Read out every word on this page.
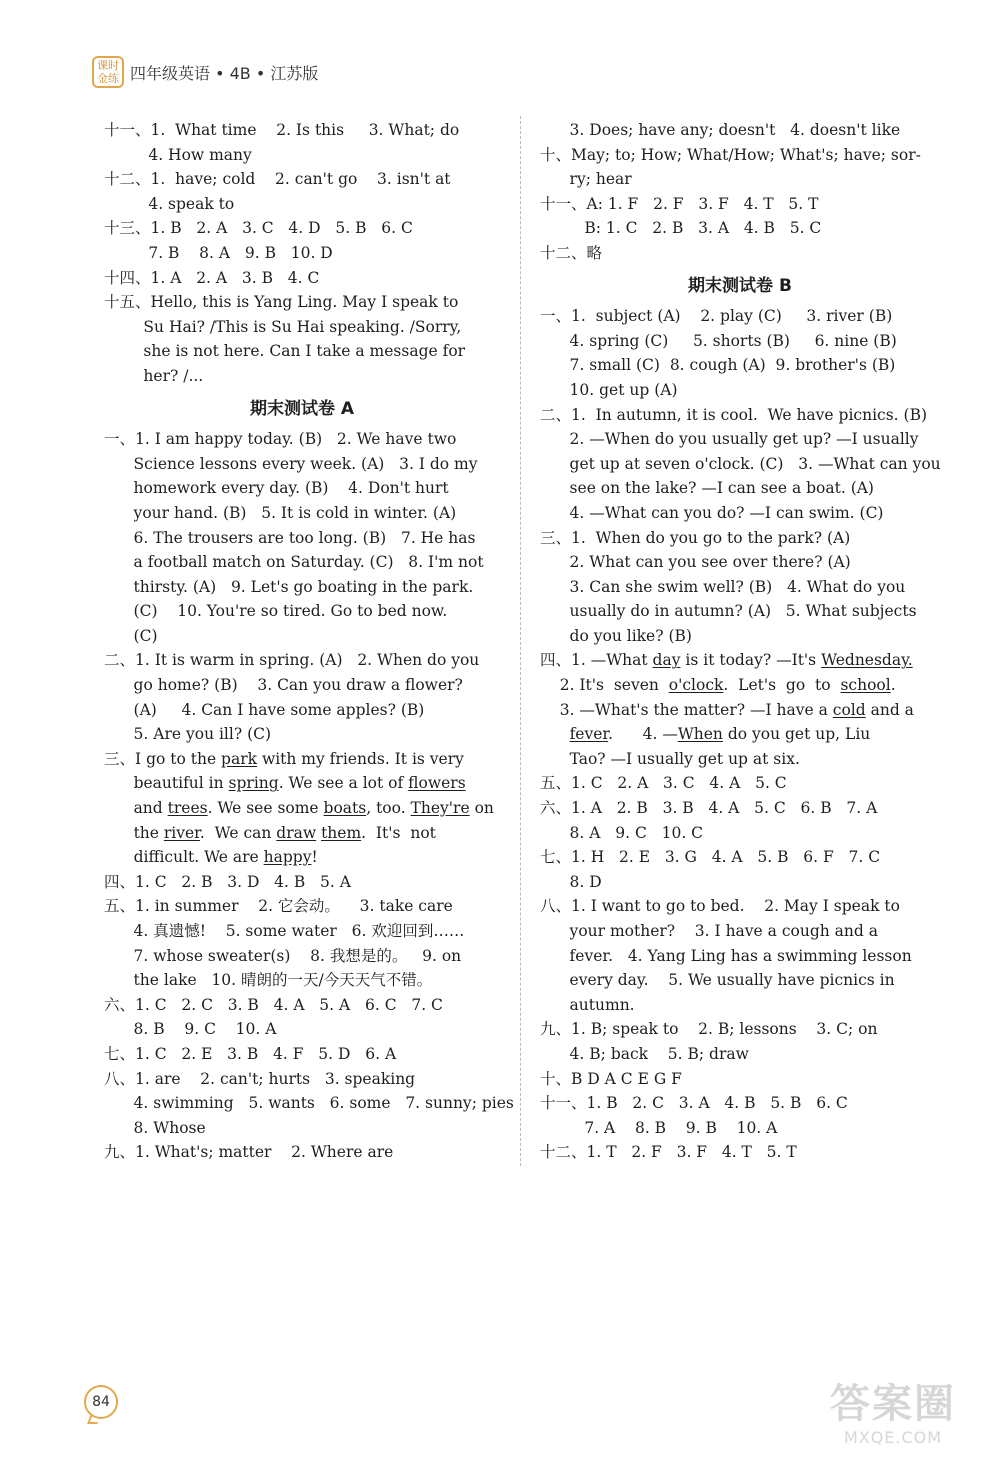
课时
金练 四年级英语 • 4B • 江苏版
十一、1.  What time    2. Is this     3. What; do
4. How many
十二、1.  have; cold    2. can't go    3. isn't at
4. speak to
十三、1. B   2. A   3. C   4. D   5. B   6. C
7. B    8. A   9. B   10. D
十四、1. A   2. A   3. B   4. C
十五、Hello, this is Yang Ling. May I speak to
Su Hai? /This is Su Hai speaking. /Sorry,
she is not here. Can I take a message for
her? /...
期末测试卷 A
一、1. I am happy today. (B)   2. We have two
Science lessons every week. (A)   3. I do my
homework every day. (B)    4. Don't hurt
your hand. (B)   5. It is cold in winter. (A)
6. The trousers are too long. (B)   7. He has
a football match on Saturday. (C)   8. I'm not
thirsty. (A)   9. Let's go boating in the park.
(C)    10. You're so tired. Go to bed now.
(C)
二、1. It is warm in spring. (A)   2. When do you
go home? (B)    3. Can you draw a flower?
(A)     4. Can I have some apples? (B)
5. Are you ill? (C)
三、I go to the park with my friends. It is very
beautiful in spring. We see a lot of flowers
and trees. We see some boats, too. They're on
the river.  We can draw them.  It's  not
difficult. We are happy!
四、1. C   2. B   3. D   4. B   5. A
五、1. in summer    2. 它会动。    3. take care
4. 真遗憾!    5. some water   6. 欢迎回到……
7. whose sweater(s)    8. 我想是的。   9. on
the lake   10. 晴朗的一天/今天天气不错。
六、1. C   2. C   3. B   4. A   5. A   6. C   7. C
8. B    9. C    10. A
七、1. C   2. E   3. B   4. F   5. D   6. A
八、1. are    2. can't; hurts   3. speaking
4. swimming   5. wants   6. some   7. sunny; pies
8. Whose
九、1. What's; matter    2. Where are
3. Does; have any; doesn't   4. doesn't like
十、May; to; How; What/How; What's; have; sor-
ry; hear
十一、A: 1. F   2. F   3. F   4. T   5. T
B: 1. C   2. B   3. A   4. B   5. C
十二、略
期末测试卷 B
一、1.  subject (A)    2. play (C)     3. river (B)
4. spring (C)     5. shorts (B)     6. nine (B)
7. small (C)  8. cough (A)  9. brother's (B)
10. get up (A)
二、1.  In autumn, it is cool.  We have picnics. (B)
2. —When do you usually get up? —I usually
get up at seven o'clock. (C)   3. —What can you
see on the lake? —I can see a boat. (A)
4. —What can you do? —I can swim. (C)
三、1.  When do you go to the park? (A)
2. What can you see over there? (A)
3. Can she swim well? (B)   4. What do you
usually do in autumn? (A)   5. What subjects
do you like? (B)
四、1. —What day is it today? —It's Wednesday.
2. It's  seven  o'clock.  Let's  go  to  school.
3. —What's the matter? —I have a cold and a
fever.      4. —When do you get up, Liu
Tao? —I usually get up at six.
五、1. C   2. A   3. C   4. A   5. C
六、1. A   2. B   3. B   4. A   5. C   6. B   7. A
8. A   9. C   10. C
七、1. H   2. E   3. G   4. A   5. B   6. F   7. C
8. D
八、1. I want to go to bed.    2. May I speak to
your mother?    3. I have a cough and a
fever.   4. Yang Ling has a swimming lesson
every day.    5. We usually have picnics in
autumn.
九、1. B; speak to    2. B; lessons    3. C; on
4. B; back    5. B; draw
十、B D A C E G F
十一、1. B   2. C   3. A   4. B   5. B   6. C
7. A    8. B    9. B    10. A
十二、1. T   2. F   3. F   4. T   5. T
84	答案圈
MXQE.COM
